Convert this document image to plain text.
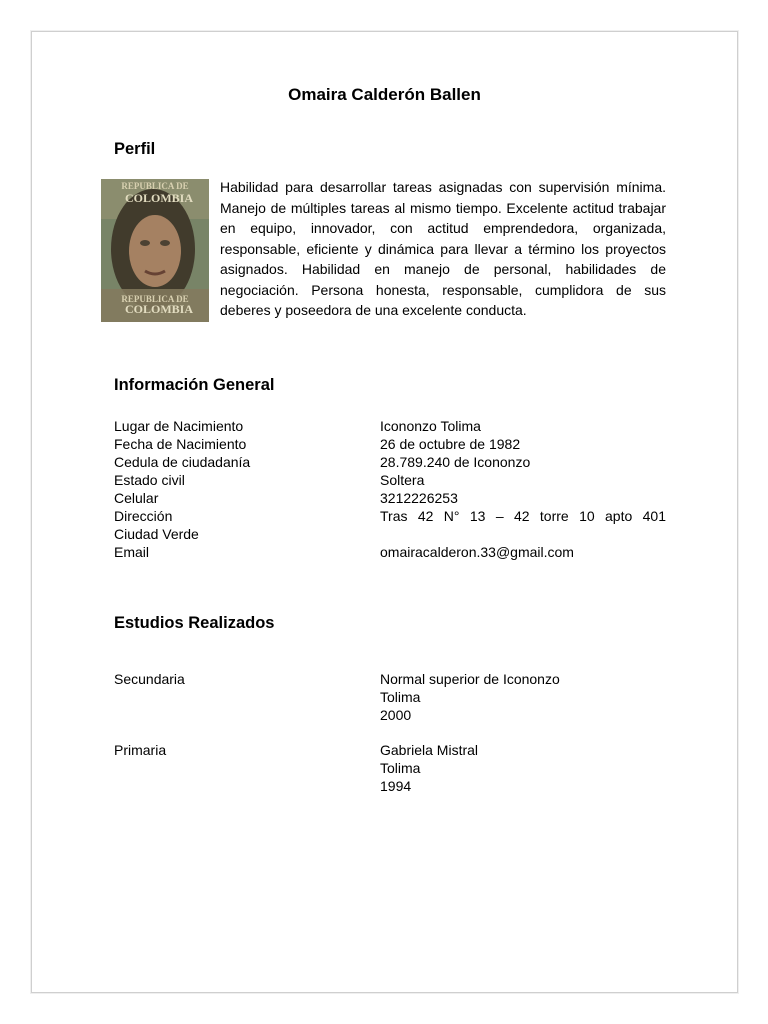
Omaira Calderón Ballen
Perfil
REPUBLICA DE
COLOMBIA
REPUBLICA DE
COLOMBIA
Habilidad para desarrollar tareas asignadas con supervisión mínima. Manejo de múltiples tareas al mismo tiempo. Excelente actitud trabajar en equipo, innovador, con actitud emprendedora, organizada, responsable, eficiente y dinámica para llevar a término los proyectos asignados. Habilidad en manejo de personal, habilidades de negociación. Persona honesta, responsable, cumplidora de sus deberes y poseedora de una excelente conducta.
Información General
Lugar de Nacimiento	Icononzo Tolima
Fecha de Nacimiento	26 de octubre de 1982
Cedula de ciudadanía	28.789.240 de Icononzo
Estado civil	Soltera
Celular	3212226253
Dirección	Tras 42 N° 13 – 42 torre 10 apto 401
Ciudad Verde
Email	omairacalderon.33@gmail.com
Estudios Realizados
Secundaria	Normal superior de Icononzo
Tolima
2000
Primaria	Gabriela Mistral
Tolima
1994
